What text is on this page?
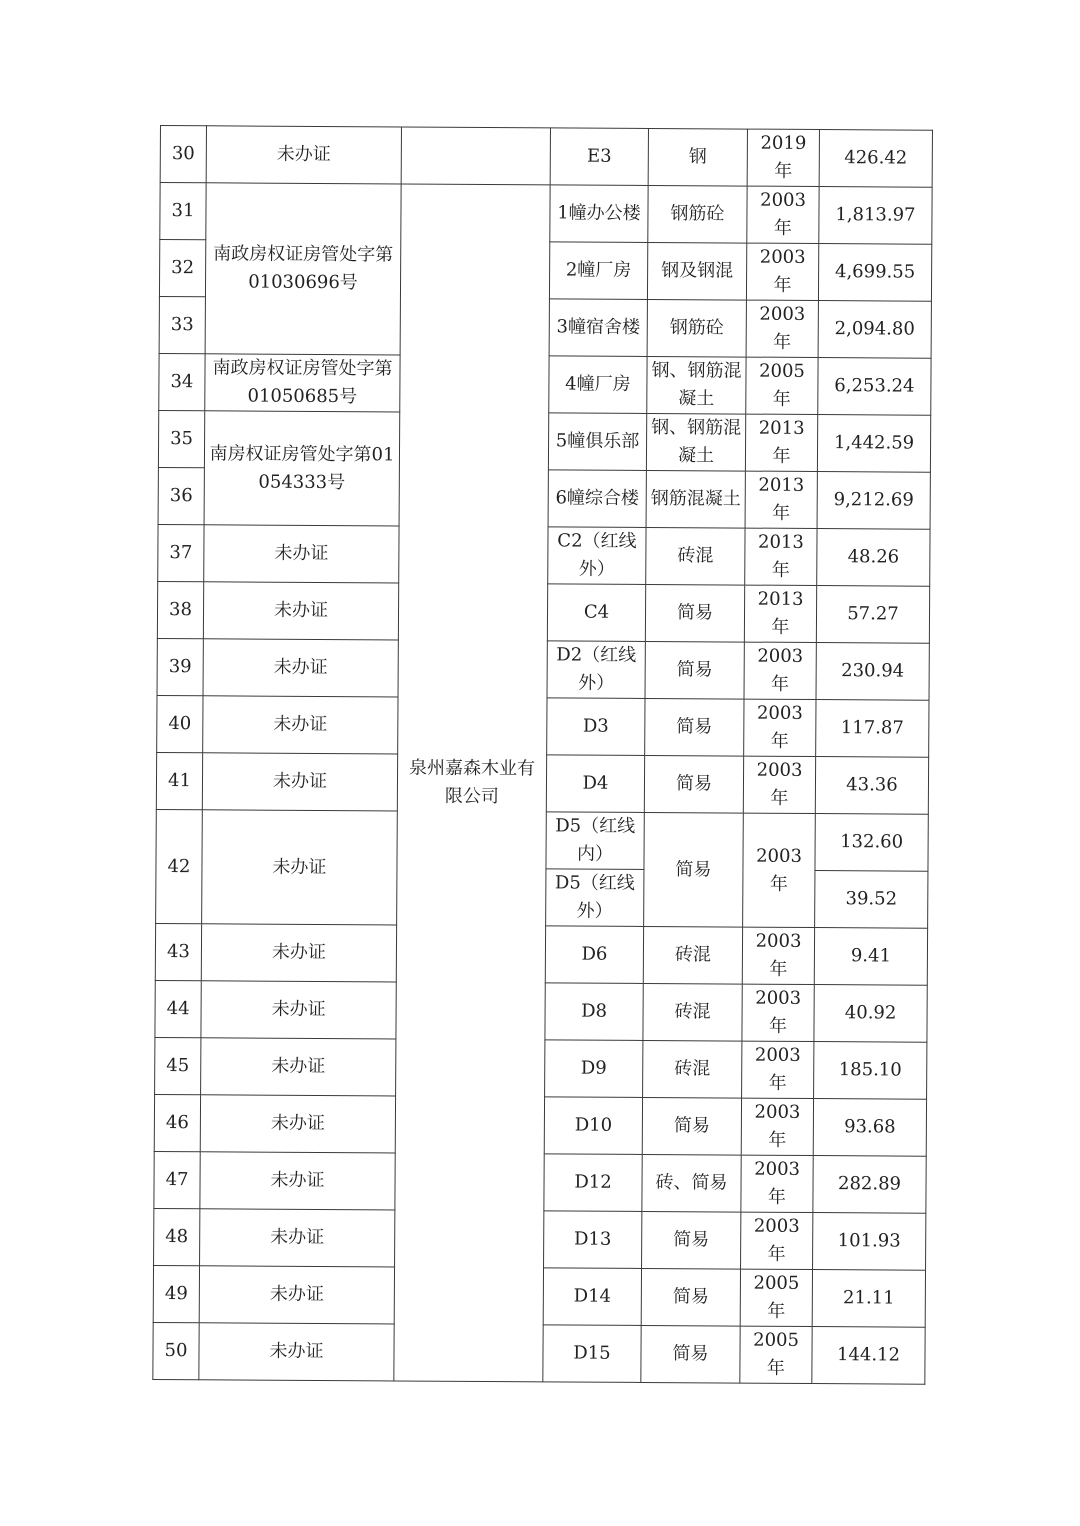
30	未办证		E3	钢	2019年	426.42
31	南政房权证房管处字第01030696号	泉州嘉森木业有限公司	1幢办公楼	钢筋砼	2003年	1,813.97
32			2幢厂房	钢及钢混	2003年	4,699.55
33			3幢宿舍楼	钢筋砼	2003年	2,094.80
34	南政房权证房管处字第01050685号		4幢厂房	钢、钢筋混凝土	2005年	6,253.24
35	南房权证房管处字第01054333号		5幢俱乐部	钢、钢筋混凝土	2013年	1,442.59
36			6幢综合楼	钢筋混凝土	2013年	9,212.69
37	未办证		C2（红线外）	砖混	2013年	48.26
38	未办证		C4	简易	2013年	57.27
39	未办证		D2（红线外）	简易	2003年	230.94
40	未办证		D3	简易	2003年	117.87
41	未办证		D4	简易	2003年	43.36
42	未办证		D5（红线内）	简易	2003年	132.60
			D5（红线外）			39.52
43	未办证		D6	砖混	2003年	9.41
44	未办证		D8	砖混	2003年	40.92
45	未办证		D9	砖混	2003年	185.10
46	未办证		D10	简易	2003年	93.68
47	未办证		D12	砖、简易	2003年	282.89
48	未办证		D13	简易	2003年	101.93
49	未办证		D14	简易	2005年	21.11
50	未办证		D15	简易	2005年	144.12
